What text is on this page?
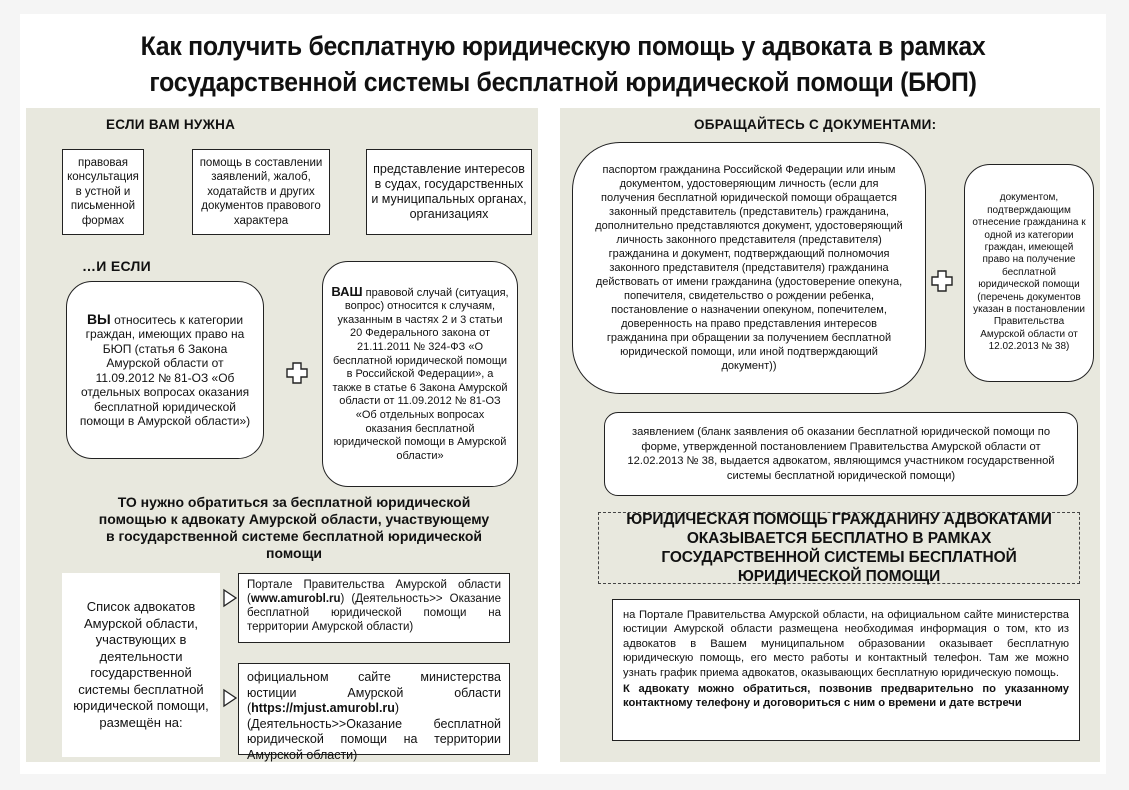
Как получить бесплатную юридическую помощь у адвоката в рамках
государственной системы бесплатной юридической помощи (БЮП)
ЕСЛИ ВАМ НУЖНА
правовая консультация в устной и письменной формах
помощь в составлении заявлений, жалоб, ходатайств и других документов правового характера
представление интересов в судах, государственных и муниципальных органах, организациях
…И ЕСЛИ
ВЫ относитесь к категории граждан, имеющих право на БЮП (статья 6 Закона Амурской области от 11.09.2012 № 81-ОЗ «Об отдельных вопросах оказания бесплатной юридической помощи в Амурской области»)
ВАШ правовой случай (ситуация, вопрос) относится к случаям, указанным в частях 2 и 3 статьи 20 Федерального закона от 21.11.2011 № 324-ФЗ «О бесплатной юридической помощи в Российской Федерации», а также в статье 6 Закона Амурской области от 11.09.2012 № 81-ОЗ «Об отдельных вопросах оказания бесплатной юридической помощи в Амурской области»
ТО нужно обратиться за бесплатной юридической помощью к адвокату Амурской области, участвующему в государственной системе бесплатной юридической помощи
Список адвокатов Амурской области, участвующих в деятельности государственной системы бесплатной юридической помощи, размещён на:
Портале Правительства Амурской области (www.amurobl.ru) (Деятельность>> Оказание бесплатной юридической помощи на территории Амурской области)
официальном сайте министерства юстиции Амурской области (https://mjust.amurobl.ru) (Деятельность>>Оказание бесплатной юридической помощи на территории Амурской области)
ОБРАЩАЙТЕСЬ С ДОКУМЕНТАМИ:
паспортом гражданина Российской Федерации или иным документом, удостоверяющим личность (если для получения бесплатной юридической помощи обращается законный представитель (представитель) гражданина, дополнительно представляются документ, удостоверяющий личность законного представителя (представителя) гражданина и документ, подтверждающий полномочия законного представителя (представителя) гражданина действовать от имени гражданина (удостоверение опекуна, попечителя, свидетельство о рождении ребенка, постановление о назначении опекуном, попечителем, доверенность на право представления интересов гражданина при обращении за получением бесплатной юридической помощи, или иной подтверждающий документ))
документом, подтверждающим отнесение гражданина к одной из категории граждан, имеющей право на получение бесплатной юридической помощи (перечень документов указан в постановлении Правительства Амурской области от 12.02.2013 № 38)
заявлением (бланк заявления об оказании бесплатной юридической помощи по форме, утвержденной постановлением Правительства Амурской области от 12.02.2013 № 38, выдается адвокатом, являющимся участником государственной системы бесплатной юридической помощи)
ЮРИДИЧЕСКАЯ ПОМОЩЬ ГРАЖДАНИНУ АДВОКАТАМИ ОКАЗЫВАЕТСЯ БЕСПЛАТНО В РАМКАХ ГОСУДАРСТВЕННОЙ СИСТЕМЫ БЕСПЛАТНОЙ ЮРИДИЧЕСКОЙ ПОМОЩИ
на Портале Правительства Амурской области, на официальном сайте министерства юстиции Амурской области размещена необходимая информация о том, кто из адвокатов в Вашем муниципальном образовании оказывает бесплатную юридическую помощь, его место работы и контактный телефон. Там же можно узнать график приема адвокатов, оказывающих бесплатную юридическую помощь.
К адвокату можно обратиться, позвонив предварительно по указанному контактному телефону и договориться с ним о времени и дате встречи
